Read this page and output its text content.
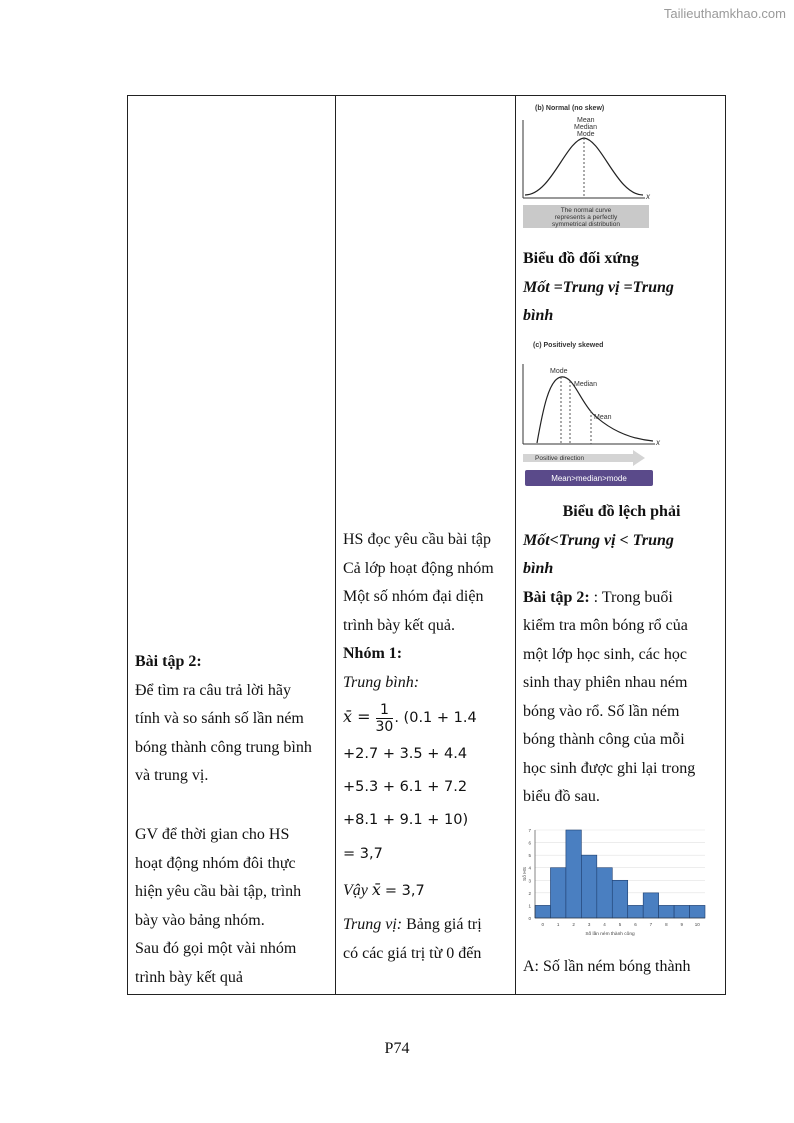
Tailieuthamkhao.com
Bài tập 2:
Để tìm ra câu trả lời hãy
tính và so sánh số lần ném
bóng thành công trung bình
và trung vị.
GV để thời gian cho HS
hoạt động nhóm đôi thực
hiện yêu cầu bài tập, trình
bày vào bảng nhóm.
Sau đó gọi một vài nhóm
trình bày kết quả

HS đọc yêu cầu bài tập
Cả lớp hoạt động nhóm
Một số nhóm đại diện
trình bày kết quả.
Nhóm 1:
Trung bình:
x̄ = $\frac{1}{30}$ . (0.1 + 1.4
+2.7 + 3.5 + 4.4
+5.3 + 6.1 + 7.2
+8.1 + 9.1 + 10)
= 3,7
Vậy x̄ = 3,7
Trung vị: Bảng giá trị
có các giá trị từ 0 đến

(b) Normal (no skew)
Mean
Median
Mode
x
The normal curve
represents a perfectly
symmetrical distribution
Biểu đồ đối xứng
Mốt =Trung vị =Trung
bình
(c) Positively skewed
Mode
Median
Mean
x
Positive direction
Mean>median>mode
Biểu đồ lệch phải
Mốt<Trung vị < Trung
bình
Bài tập 2: : Trong buổi
kiểm tra môn bóng rổ của
một lớp học sinh, các học
sinh thay phiên nhau ném
bóng vào rổ. Số lần ném
bóng thành công của mỗi
học sinh được ghi lại trong
biểu đồ sau.
0
1
2
3
4
5
6
7
0	1	2	3	4	5	6	7	8	9	10
Số lần ném thành công
Số HS
A: Số lần ném bóng thành
P74
